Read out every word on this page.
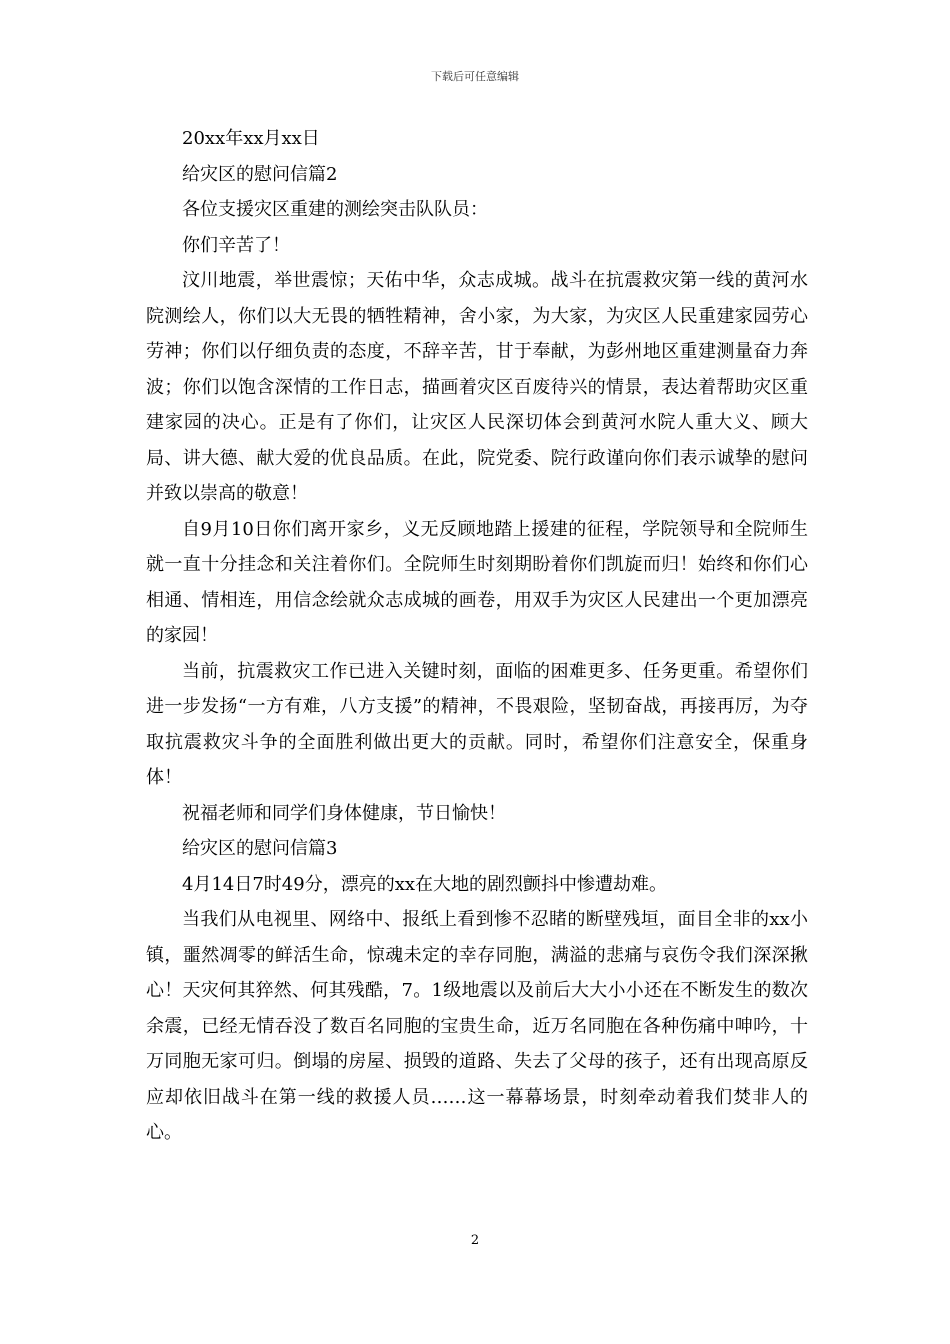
下载后可任意编辑

20xx年xx月xx日

给灾区的慰问信篇2

各位支援灾区重建的测绘突击队队员：

你们辛苦了！

汶川地震，举世震惊；天佑中华，众志成城。战斗在抗震救灾第一线的黄河水院测绘人，你们以大无畏的牺牲精神，舍小家，为大家，为灾区人民重建家园劳心劳神；你们以仔细负责的态度，不辞辛苦，甘于奉献，为彭州地区重建测量奋力奔波；你们以饱含深情的工作日志，描画着灾区百废待兴的情景，表达着帮助灾区重建家园的决心。正是有了你们，让灾区人民深切体会到黄河水院人重大义、顾大局、讲大德、献大爱的优良品质。在此，院党委、院行政谨向你们表示诚挚的慰问并致以崇高的敬意！

自9月10日你们离开家乡，义无反顾地踏上援建的征程，学院领导和全院师生就一直十分挂念和关注着你们。全院师生时刻期盼着你们凯旋而归！始终和你们心相通、情相连，用信念绘就众志成城的画卷，用双手为灾区人民建出一个更加漂亮的家园！

当前，抗震救灾工作已进入关键时刻，面临的困难更多、任务更重。希望你们进一步发扬“一方有难，八方支援”的精神，不畏艰险，坚韧奋战，再接再厉，为夺取抗震救灾斗争的全面胜利做出更大的贡献。同时，希望你们注意安全，保重身体！

祝福老师和同学们身体健康，节日愉快！

给灾区的慰问信篇3

4月14日7时49分，漂亮的xx在大地的剧烈颤抖中惨遭劫难。

当我们从电视里、网络中、报纸上看到惨不忍睹的断壁残垣，面目全非的xx小镇，噩然凋零的鲜活生命，惊魂未定的幸存同胞，满溢的悲痛与哀伤令我们深深揪心！天灾何其猝然、何其残酷，7。1级地震以及前后大大小小还在不断发生的数次余震，已经无情吞没了数百名同胞的宝贵生命，近万名同胞在各种伤痛中呻吟，十万同胞无家可归。倒塌的房屋、损毁的道路、失去了父母的孩子，还有出现高原反应却依旧战斗在第一线的救援人员……这一幕幕场景，时刻牵动着我们焚非人的心。

2
